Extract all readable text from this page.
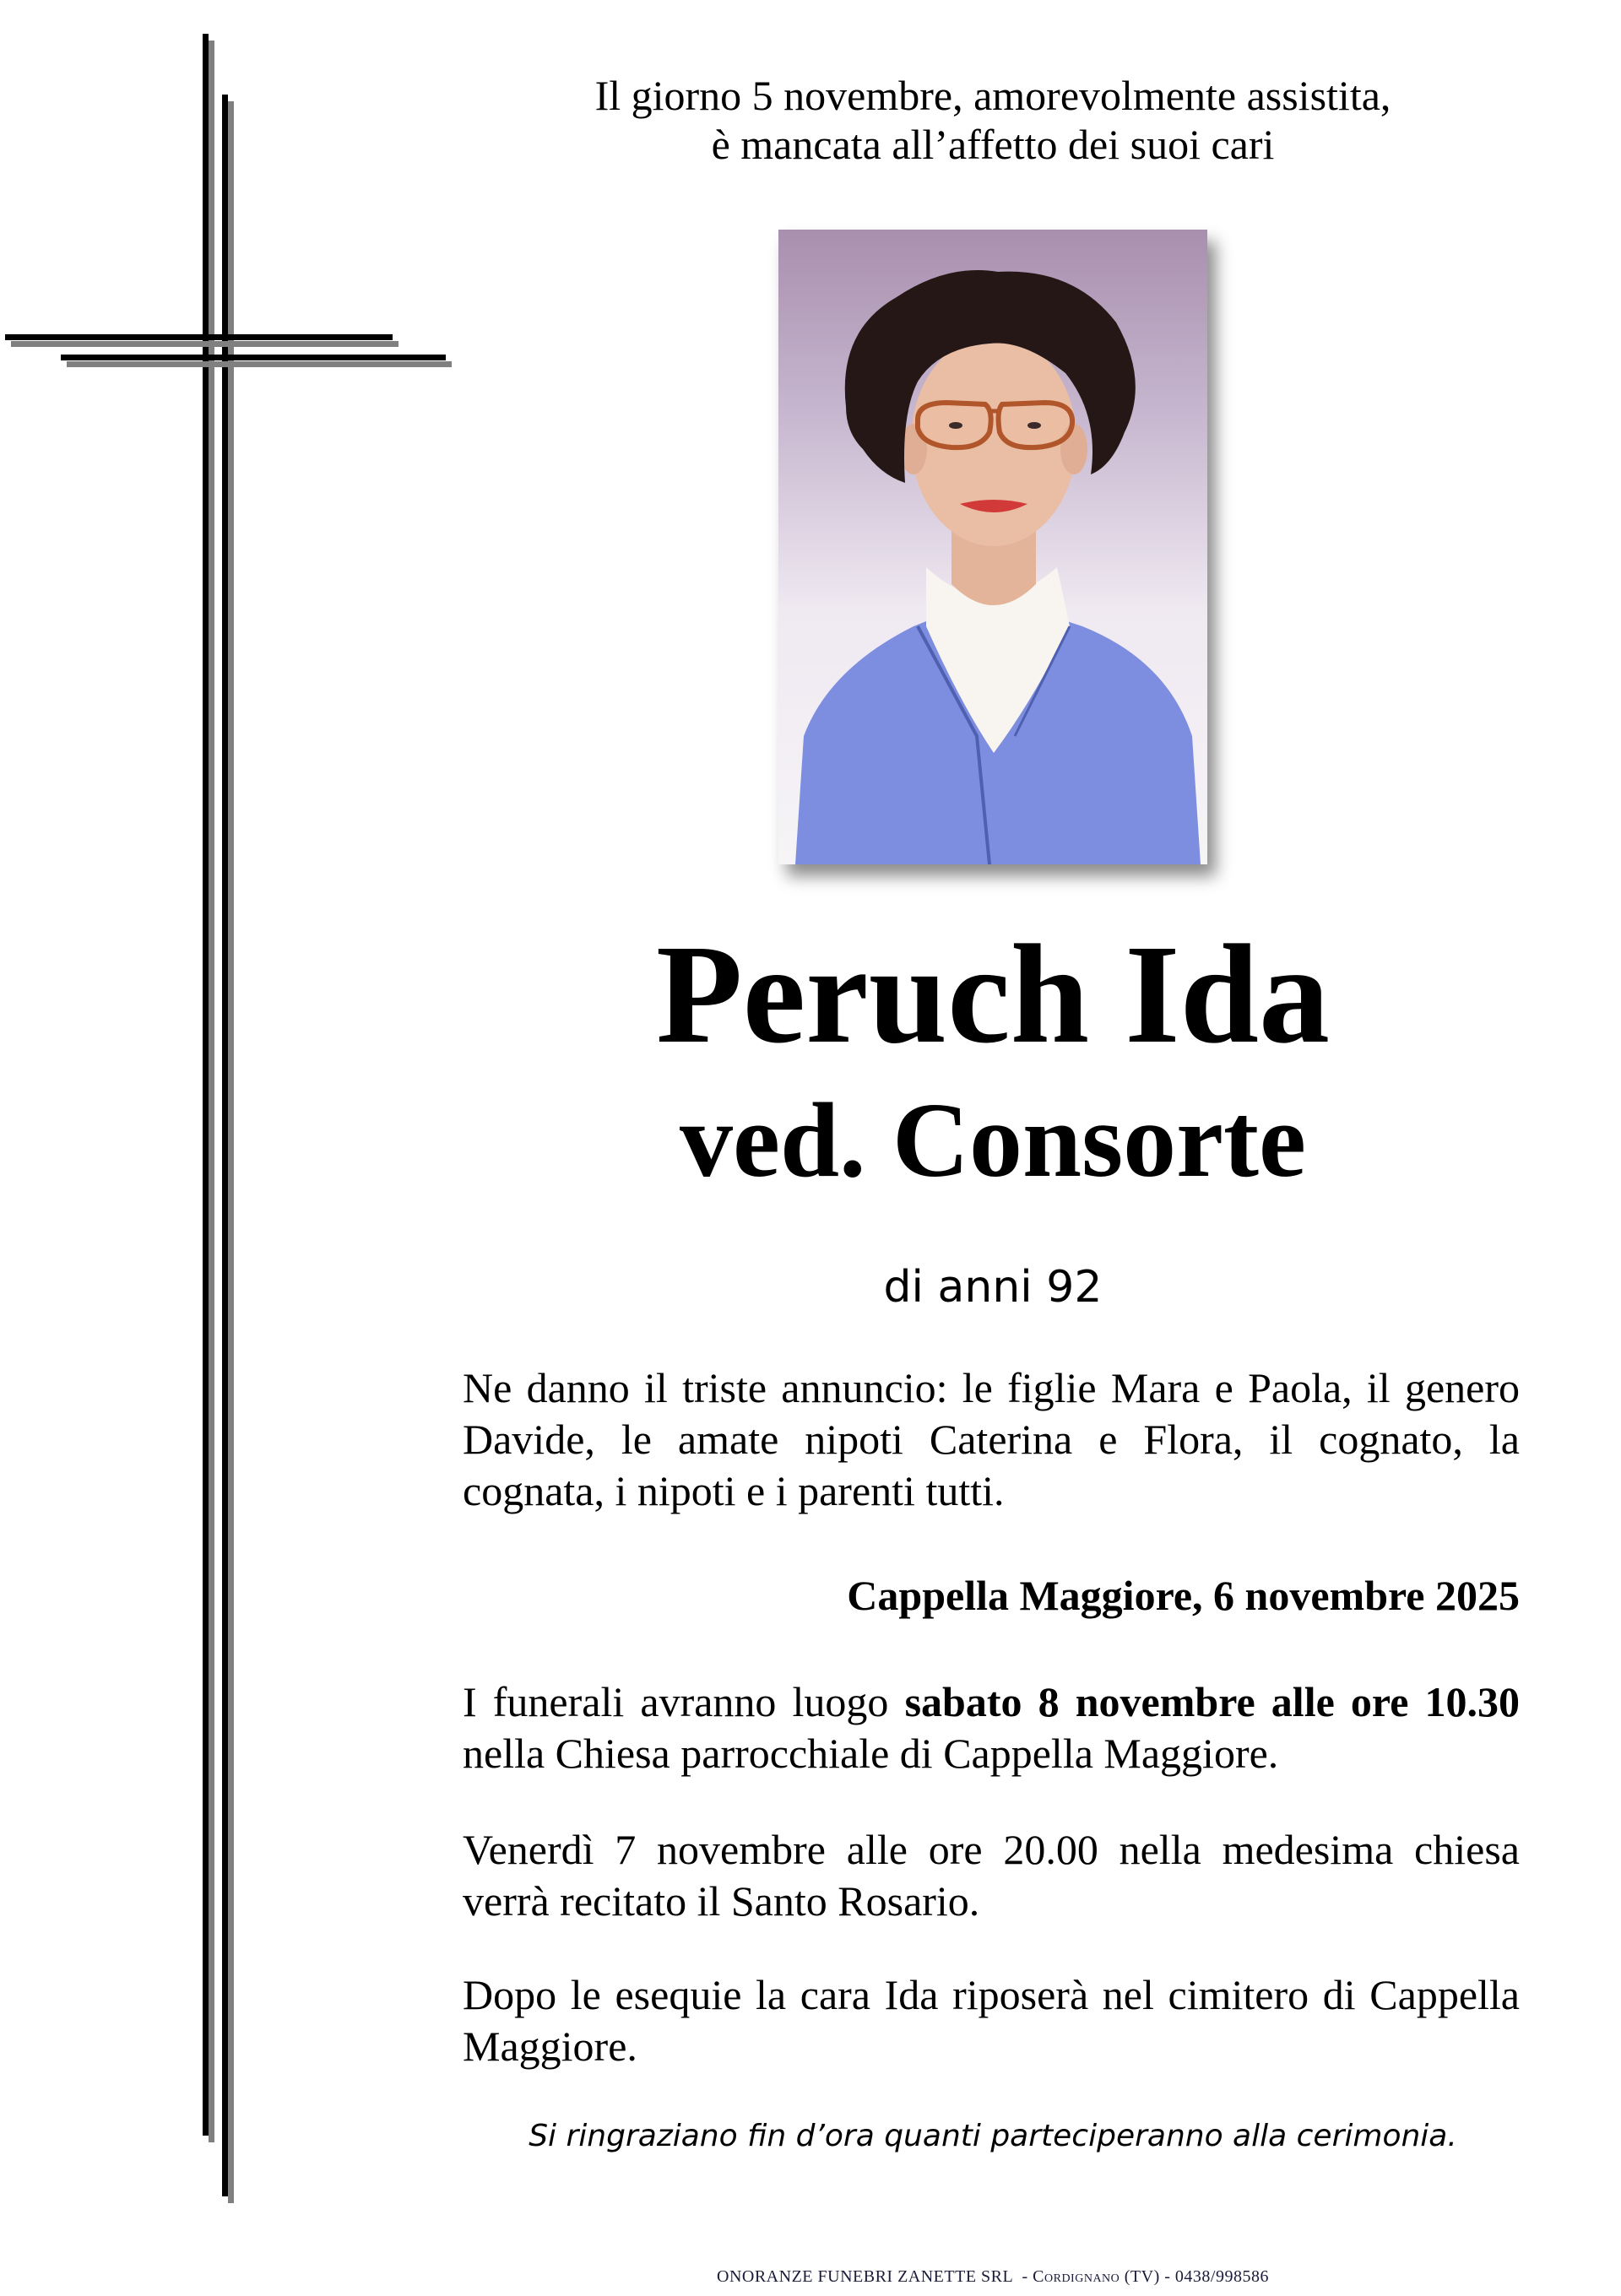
Il giorno 5 novembre, amorevolmente assistita,
è mancata all’affetto dei suoi cari
Peruch Ida
ved. Consorte
di anni 92
Ne danno il triste annuncio: le figlie Mara e Paola, il genero Davide, le amate nipoti Caterina e Flora, il cognato, la cognata, i nipoti e i parenti tutti.
Cappella Maggiore, 6 novembre 2025
I funerali avranno luogo sabato 8 novembre alle ore 10.30 nella Chiesa parrocchiale di Cappella Maggiore.
Venerdì 7 novembre alle ore 20.00 nella medesima chiesa verrà recitato il Santo Rosario.
Dopo le esequie la cara Ida riposerà nel cimitero di Cappella Maggiore.
Si ringraziano fin d’ora quanti parteciperanno alla cerimonia.
ONORANZE FUNEBRI ZANETTE SRL  - Cordignano (TV) - 0438/998586
